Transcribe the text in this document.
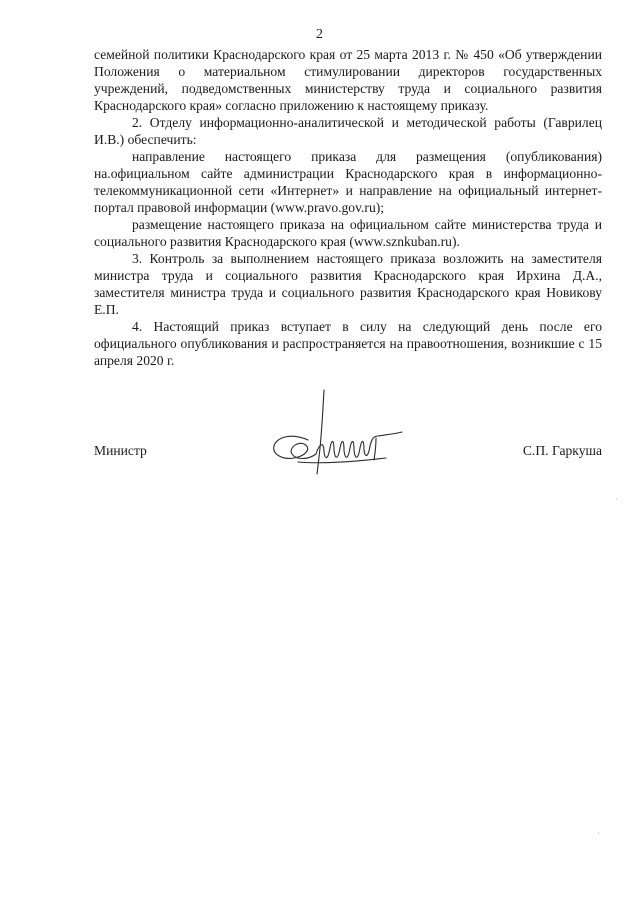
2

семейной политики Краснодарского края от 25 марта 2013 г. № 450 «Об утверждении Положения о материальном стимулировании директоров государственных учреждений, подведомственных министерству труда и социального развития Краснодарского края» согласно приложению к настоящему приказу.

2. Отделу информационно-аналитической и методической работы (Гаврилец И.В.) обеспечить:

направление настоящего приказа для размещения (опубликования) на.официальном сайте администрации Краснодарского края в информационно-телекоммуникационной сети «Интернет» и направление на официальный интернет-портал правовой информации (www.pravo.gov.ru);

размещение настоящего приказа на официальном сайте министерства труда и социального развития Краснодарского края (www.sznkuban.ru).

3. Контроль за выполнением настоящего приказа возложить на заместителя министра труда и социального развития Краснодарского края Ирхина Д.А., заместителя министра труда и социального развития Краснодарского края Новикову Е.П.

4. Настоящий приказ вступает в силу на следующий день после его официального опубликования и распространяется на правоотношения, возникшие с 15 апреля 2020 г.

Министр	С.П. Гаркуша
